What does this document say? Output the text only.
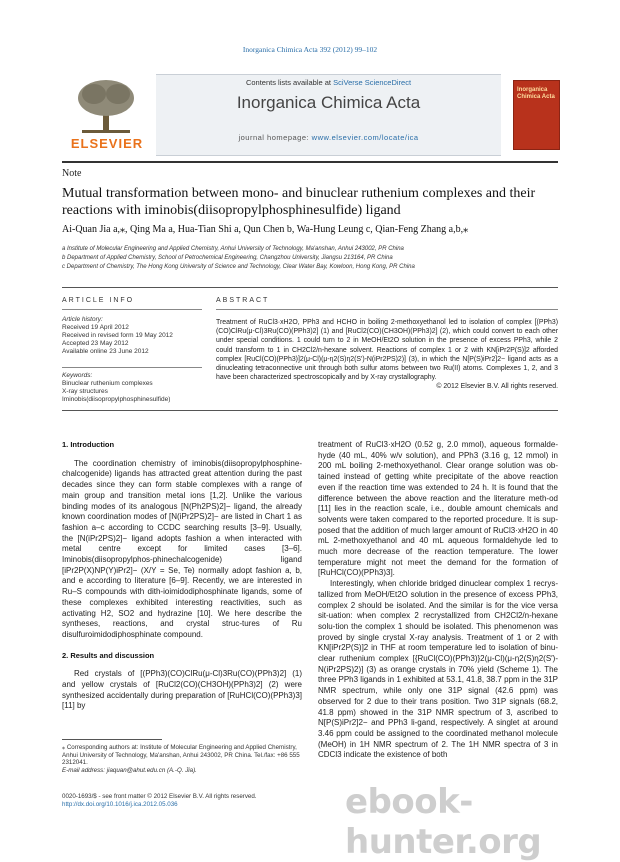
Inorganica Chimica Acta 392 (2012) 99–102
ELSEVIER
Contents lists available at SciVerse ScienceDirect
Inorganica Chimica Acta
journal homepage: www.elsevier.com/locate/ica
Inorganica Chimica Acta
Note
Mutual transformation between mono- and binuclear ruthenium complexes and their reactions with iminobis(diisopropylphosphinesulfide) ligand
Ai-Quan Jia a,⁎, Qing Ma a, Hua-Tian Shi a, Qun Chen b, Wa-Hung Leung c, Qian-Feng Zhang a,b,⁎
a Institute of Molecular Engineering and Applied Chemistry, Anhui University of Technology, Ma'anshan, Anhui 243002, PR China
b Department of Applied Chemistry, School of Petrochemical Engineering, Changzhou University, Jiangsu 213164, PR China
c Department of Chemistry, The Hong Kong University of Science and Technology, Clear Water Bay, Kowloon, Hong Kong, PR China
ARTICLE INFO
Article history:
Received 19 April 2012
Received in revised form 19 May 2012
Accepted 23 May 2012
Available online 23 June 2012
Keywords:
Binuclear ruthenium complexes
X-ray structures
Iminobis(diisopropylphosphinesulfide)
ABSTRACT
Treatment of RuCl3·xH2O, PPh3 and HCHO in boiling 2-methoxyethanol led to isolation of complex [(PPh3)(CO)ClRu(μ-Cl)3Ru(CO)(PPh3)2] (1) and [RuCl2(CO)(CH3OH)(PPh3)2] (2), which could convert to each other under special conditions. 1 could turn to 2 in MeOH/Et2O solution in the presence of excess PPh3, while 2 could transform to 1 in CH2Cl2/n-hexane solvent. Reactions of complex 1 or 2 with KN[iPr2P(S)]2 afforded complex [RuCl(CO)(PPh3)]2(μ-Cl)(μ-η2(S)η2(S′)-N(iPr2PS)2)] (3), in which the N[P(S)iPr2]2− ligand acts as a dinucleating tetraconnective unit through both sulfur atoms between two Ru(II) atoms. Complexes 1, 2, and 3 have been characterized spectroscopically and by X-ray crystallography.
© 2012 Elsevier B.V. All rights reserved.
1. Introduction

The coordination chemistry of iminobis(diisopropylphosphine-chalcogenide) ligands has attracted great attention during the past decades since they can form stable complexes with a range of main group and transition metal ions [1,2]. Unlike the various binding modes of its analogous [N(Ph2PS)2]− ligand, the already known coordination modes of [N(iPr2PS)2]− are listed in Chart 1 as fashion a–c according to CCDC searching results [3–9]. Usually, the [N(iPr2PS)2]− ligand adopts fashion a when interacted with metal centre except for limited cases [3–6]. Iminobis(diisopropylphos-phinechalcogenide) ligand [iPr2P(X)NP(Y)iPr2]− (X/Y = Se, Te) normally adopt fashion a, b, and e according to literature [6–9]. Recently, we are interested in Ru–S compounds with dith-ioimidodiphosphinate ligands, some of these complexes exhibited interesting reactivities, such as activating H2, SO2 and hydrazine [10]. We here describe the syntheses, reactions, and crystal struc-tures of Ru disulfuroimidodiphosphinate compound.

2. Results and discussion

Red crystals of [(PPh3)(CO)ClRu(μ-Cl)3Ru(CO)(PPh3)2] (1) and yellow crystals of [RuCl2(CO)(CH3OH)(PPh3)2] (2) were synthesized accidentally during preparation of [RuHCl(CO)(PPh3)3] [11] by

treatment of RuCl3·xH2O (0.52 g, 2.0 mmol), aqueous formalde-hyde (40 mL, 40% w/v solution), and PPh3 (3.16 g, 12 mmol) in 200 mL boiling 2-methoxyethanol. Clear orange solution was ob-tained instead of getting white precipitate of the above reaction even if the reaction time was extended to 24 h. It is found that the difference between the above reaction and the literature meth-od [11] lies in the reaction scale, i.e., double amount chemicals and solvents were taken compared to the reported procedure. It is sup-posed that the addition of much larger amount of RuCl3·xH2O in 40 mL 2-methoxyethanol and 40 mL aqueous formaldehyde led to much more decrease of the reaction temperature. The lower temperature might not meet the demand for the formation of [RuHCl(CO)(PPh3)3].

Interestingly, when chloride bridged dinuclear complex 1 recrys-tallized from MeOH/Et2O solution in the presence of excess PPh3, complex 2 should be isolated. And the similar is for the vice versa sit-uation: when complex 2 recrystallized from CH2Cl2/n-hexane solu-tion the complex 1 should be isolated. This phenomenon was proved by single crystal X-ray analysis. Treatment of 1 or 2 with KN[iPr2P(S)]2 in THF at room temperature led to isolation of binu-clear ruthenium complex [{RuCl(CO)(PPh3)}2(μ-Cl)(μ-η2(S)η2(S′)-N(iPr2PS)2)] (3) as orange crystals in 70% yield (Scheme 1). The three PPh3 ligands in 1 exhibited at 53.1, 41.8, 38.7 ppm in the 31P NMR spectrum, while only one 31P signal (42.6 ppm) was observed for 2 due to their trans position. Two 31P signals (68.2, 41.8 ppm) showed in the 31P NMR spectrum of 3, ascribed to N[P(S)iPr2]2− and PPh3 li-gand, respectively. A singlet at around 3.46 ppm could be assigned to the coordinated methanol molecule (MeOH) in 1H NMR spectrum of 2. The 1H NMR spectra of 3 in CDCl3 indicate the existence of both

⁎ Corresponding authors at: Institute of Molecular Engineering and Applied Chemistry, Anhui University of Technology, Ma'anshan, Anhui 243002, PR China. Tel./fax: +86 555 2312041.
E-mail address: jiaquan@ahut.edu.cn (A.-Q. Jia).
0020-1693/$ - see front matter © 2012 Elsevier B.V. All rights reserved.
http://dx.doi.org/10.1016/j.ica.2012.05.036	ebook-hunter.org
